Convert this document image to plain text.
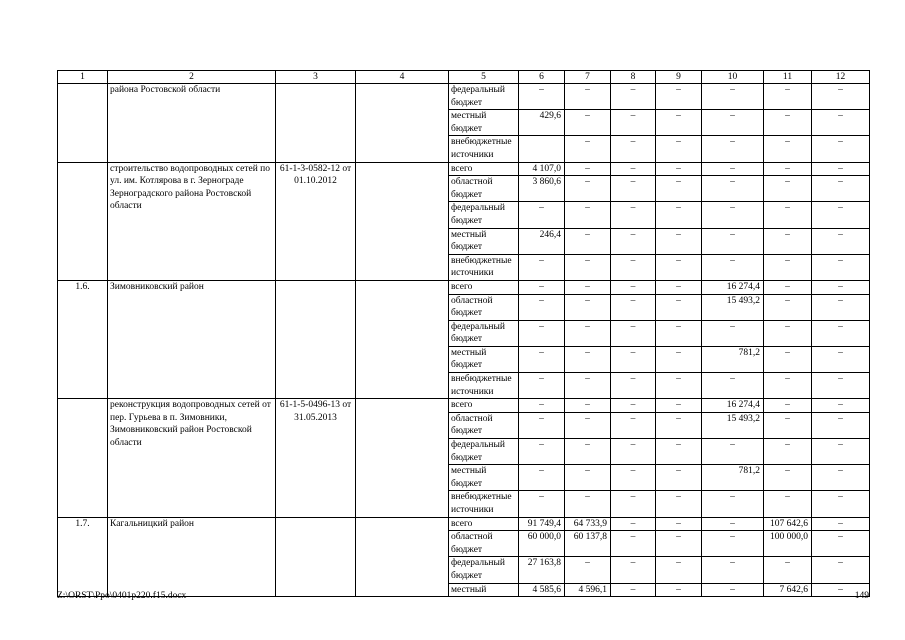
1	2	3	4	5	6	7	8	9	10	11	12
	района Ростовской области			федеральный бюджет	–	–	–	–	–	–	–
				местный бюджет	429,6	–	–	–	–	–	–
				внебюджетные источники		–	–	–	–	–	–
	строительство водопроводных сетей по ул. им. Котлярова в г. Зернограде Зерноградского района Ростовской области	61-1-3-0582-12 от 01.10.2012		всего	4 107,0	–	–	–	–	–	–
				областной бюджет	3 860,6	–	–	–	–	–	–
				федеральный бюджет	–	–	–	–	–	–	–
				местный бюджет	246,4	–	–	–	–	–	–
				внебюджетные источники	–	–	–	–	–	–	–
1.6.	Зимовниковский район			всего	–	–	–	–	16 274,4	–	–
				областной бюджет	–	–	–	–	15 493,2	–	–
				федеральный бюджет	–	–	–	–	–	–	–
				местный бюджет	–	–	–	–	781,2	–	–
				внебюджетные источники	–	–	–	–	–	–	–
	реконструкция водопроводных сетей от пер. Гурьева в п. Зимовники, Зимовниковский район Ростовской области	61-1-5-0496-13 от 31.05.2013		всего	–	–	–	–	16 274,4	–	–
				областной бюджет	–	–	–	–	15 493,2	–	–
				федеральный бюджет	–	–	–	–	–	–	–
				местный бюджет	–	–	–	–	781,2	–	–
				внебюджетные источники	–	–	–	–	–	–	–
1.7.	Кагальницкий район			всего	91 749,4	64 733,9	–	–	–	107 642,6	–
				областной бюджет	60 000,0	60 137,8	–	–	–	100 000,0	–
				федеральный бюджет	27 163,8	–	–	–	–	–	–
				местный	4 585,6	4 596,1	–	–	–	7 642,6	–
Z:\ORST\Ppo\0401p220.f15.docx	149
